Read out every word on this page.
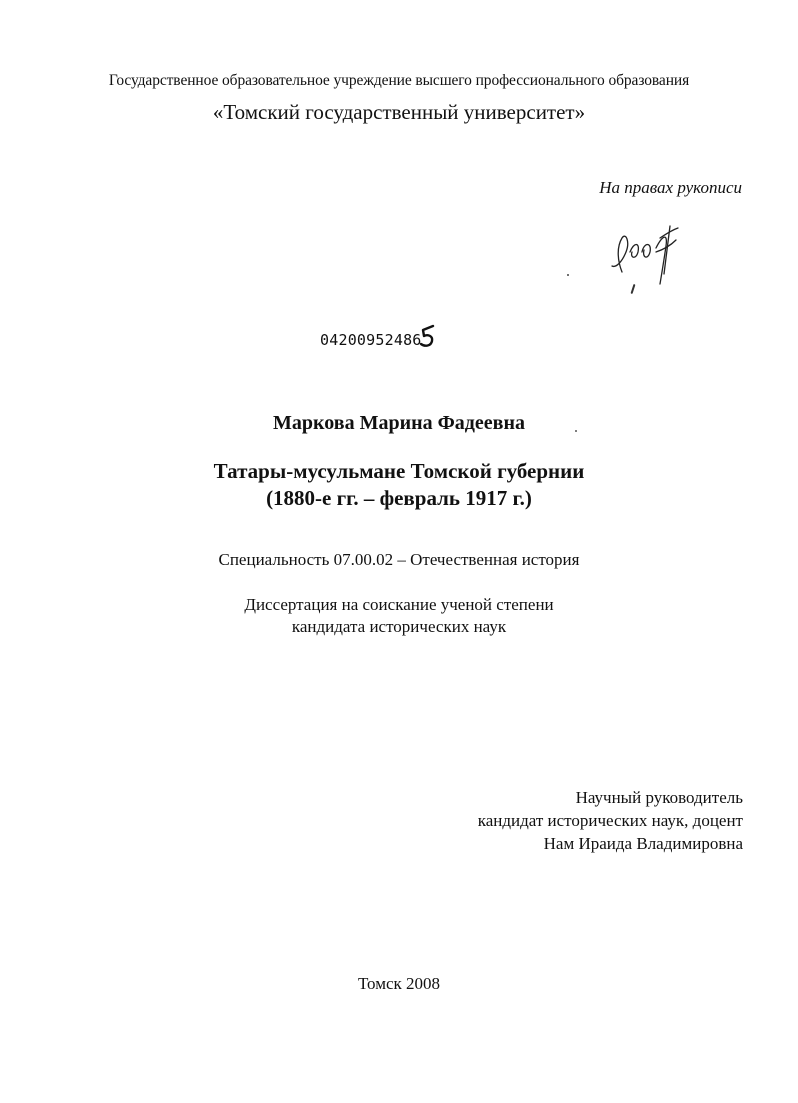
Государственное образовательное учреждение высшего профессионального образования

«Томский государственный университет»

На правах рукописи

04200952486

Маркова Марина Фадеевна

Татары-мусульмане Томской губернии
(1880-е гг. – февраль 1917 г.)

Специальность 07.00.02 – Отечественная история

Диссертация на соискание ученой степени
кандидата исторических наук

Научный руководитель
кандидат исторических наук, доцент
Нам Ираида Владимировна

Томск 2008
